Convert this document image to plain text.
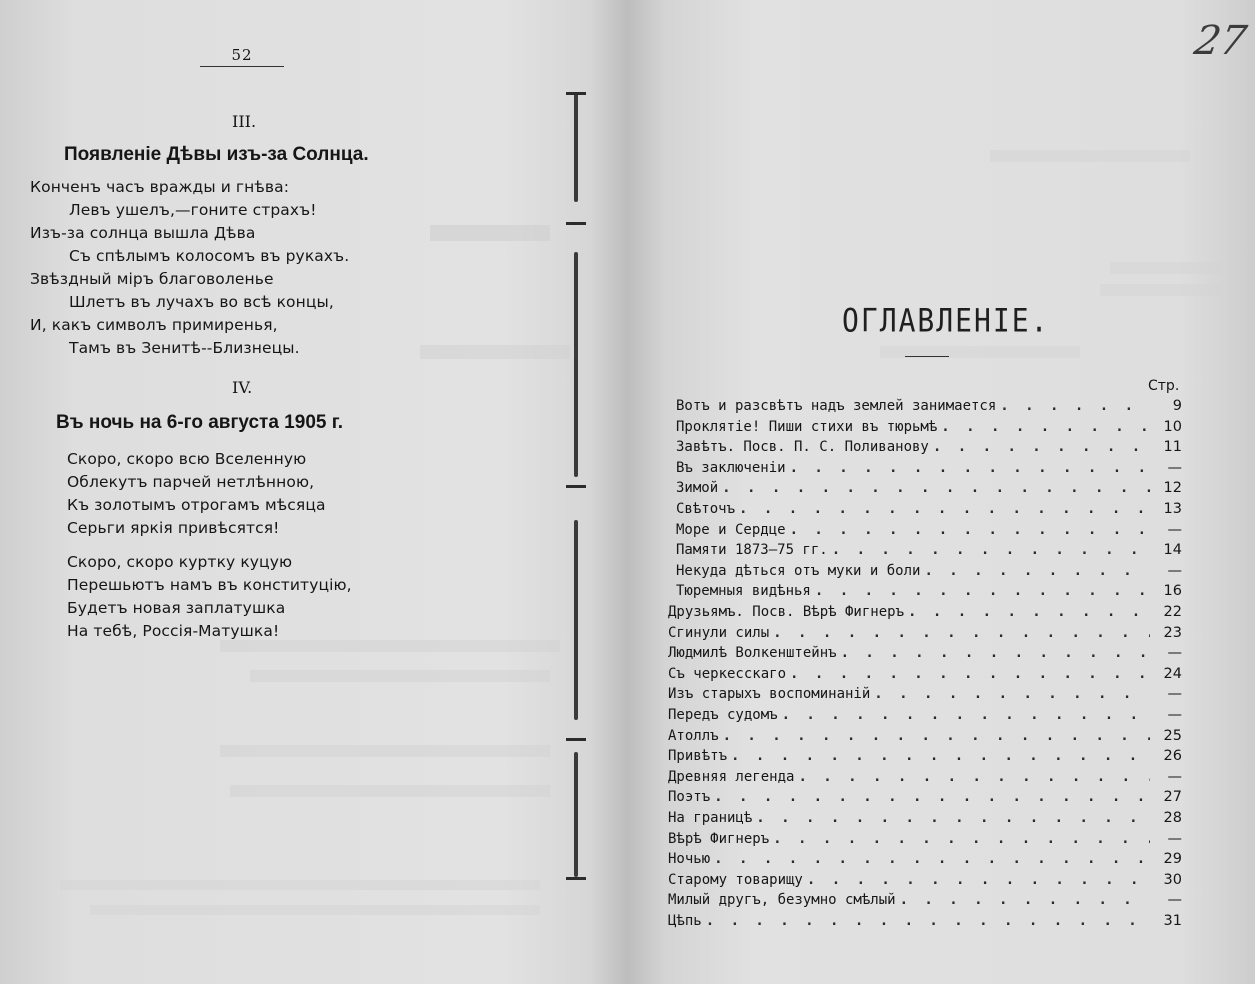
52
III.
Появленіе Дѣвы изъ-за Солнца.
Конченъ часъ вражды и гнѣва:
Левъ ушелъ,—гоните страхъ!
Изъ-за солнца вышла Дѣва
Съ спѣлымъ колосомъ въ рукахъ.
Звѣздный міръ благоволенье
Шлетъ въ лучахъ во всѣ концы,
И, какъ символъ примиренья,
Тамъ въ Зенитѣ--Близнецы.
IV.
Въ ночь на 6-го августа 1905 г.
Скоро, скоро всю Вселенную
Облекутъ парчей нетлѣнною,
Къ золотымъ отрогамъ мѣсяца
Серьги яркія привѣсятся!
Скоро, скоро куртку куцую
Перешьютъ намъ въ конституцію,
Будетъ новая заплатушка
На тебѣ, Россія-Матушка!
27
ОГЛАВЛЕНІЕ.
Стр.
Вотъ и разсвѣтъ надъ землей занимается . . .	9
Проклятіе! Пиши стихи въ тюрьмѣ . . .	10
Завѣтъ. Посв. П. С. Поливанову . . .	11
Въ заключеніи . . .	—
Зимой . . .	12
Свѣточъ . . .	13
Море и Сердце . . .	—
Памяти 1873—75 гг. . . .	14
Некуда дѣться отъ муки и боли . . .	—
Тюремныя видѣнья . . .	16
Друзьямъ. Посв. Вѣрѣ Фигнеръ . . .	22
Сгинули силы . . .	23
Людмилѣ Волкенштейнъ . . .	—
Съ черкесскаго . . .	24
Изъ старыхъ воспоминаній . . .	—
Передъ судомъ . . .	—
Атоллъ . . .	25
Привѣтъ . . .	26
Древняя легенда . . .	—
Поэтъ . . .	27
На границѣ . . .	28
Вѣрѣ Фигнеръ . . .	—
Ночью . . .	29
Старому товарищу . . .	30
Милый другъ, безумно смѣлый . . .	—
Цѣпь . . .	31
